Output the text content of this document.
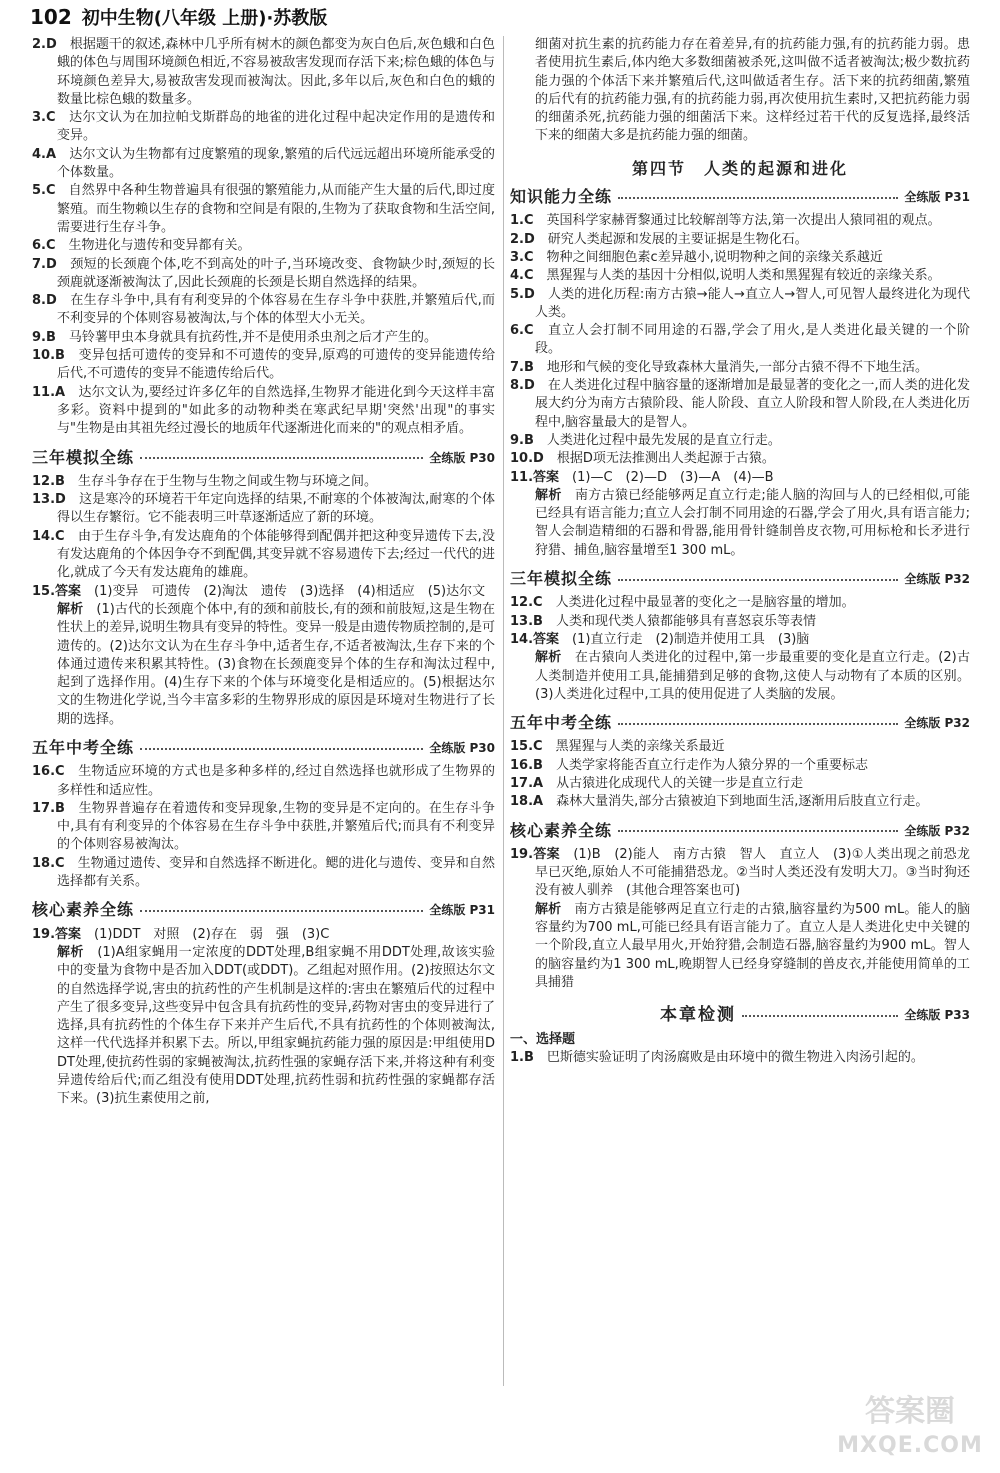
102 初中生物(八年级 上册)·苏教版

2.D　 根据题干的叙述,森林中几乎所有树木的颜色都变为灰白色后,灰色蛾和白色蛾的体色与周围环境颜色相近,不容易被敌害发现而存活下来;棕色蛾的体色与环境颜色差异大,易被敌害发现而被淘汰。因此,多年以后,灰色和白色的蛾的数量比棕色蛾的数量多。

3.C　 达尔文认为在加拉帕戈斯群岛的地雀的进化过程中起决定作用的是遗传和变异。

4.A　 达尔文认为生物都有过度繁殖的现象,繁殖的后代远远超出环境所能承受的个体数量。

5.C　 自然界中各种生物普遍具有很强的繁殖能力,从而能产生大量的后代,即过度繁殖。而生物赖以生存的食物和空间是有限的,生物为了获取食物和生活空间,需要进行生存斗争。

6.C　 生物进化与遗传和变异都有关。

7.D　 颈短的长颈鹿个体,吃不到高处的叶子,当环境改变、食物缺少时,颈短的长颈鹿就逐渐被淘汰了,因此长颈鹿的长颈是长期自然选择的结果。

8.D　 在生存斗争中,具有有利变异的个体容易在生存斗争中获胜,并繁殖后代,而不利变异的个体则容易被淘汰,与个体的体型大小无关。

9.B　 马铃薯甲虫本身就具有抗药性,并不是使用杀虫剂之后才产生的。

10.B　 变异包括可遗传的变异和不可遗传的变异,原鸡的可遗传的变异能遗传给后代,不可遗传的变异不能遗传给后代。

11.A　 达尔文认为,要经过许多亿年的自然选择,生物界才能进化到今天这样丰富多彩。资料中提到的"如此多的动物种类在寒武纪早期'突然'出现"的事实与"生物是由其祖先经过漫长的地质年代逐渐进化而来的"的观点相矛盾。

三年模拟全练	全练版 P30

12.B　 生存斗争存在于生物与生物之间或生物与环境之间。

13.D　 这是寒冷的环境若干年定向选择的结果,不耐寒的个体被淘汰,耐寒的个体得以生存繁衍。它不能表明三叶草逐渐适应了新的环境。

14.C　 由于生存斗争,有发达鹿角的个体能够得到配偶并把这种变异遗传下去,没有发达鹿角的个体因争夺不到配偶,其变异就不容易遗传下去;经过一代代的进化,就成了今天有发达鹿角的雄鹿。

15.答案　 (1)变异　可遗传　(2)淘汰　遗传　(3)选择　(4)相适应　(5)达尔文

解析　 (1)古代的长颈鹿个体中,有的颈和前肢长,有的颈和前肢短,这是生物在性状上的差异,说明生物具有变异的特性。变异一般是由遗传物质控制的,是可遗传的。(2)达尔文认为在生存斗争中,适者生存,不适者被淘汰,生存下来的个体通过遗传来积累其特性。(3)食物在长颈鹿变异个体的生存和淘汰过程中,起到了选择作用。(4)生存下来的个体与环境变化是相适应的。(5)根据达尔文的生物进化学说,当今丰富多彩的生物界形成的原因是环境对生物进行了长期的选择。

五年中考全练	全练版 P30

16.C　 生物适应环境的方式也是多种多样的,经过自然选择也就形成了生物界的多样性和适应性。

17.B　 生物界普遍存在着遗传和变异现象,生物的变异是不定向的。在生存斗争中,具有有利变异的个体容易在生存斗争中获胜,并繁殖后代;而具有不利变异的个体则容易被淘汰。

18.C　 生物通过遗传、变异和自然选择不断进化。鳃的进化与遗传、变异和自然选择都有关系。

核心素养全练	全练版 P31

19.答案　 (1)DDT　对照　(2)存在　弱　强　(3)C

解析　 (1)A组家蝇用一定浓度的DDT处理,B组家蝇不用DDT处理,故该实验中的变量为食物中是否加入DDT(或DDT)。乙组起对照作用。(2)按照达尔文的自然选择学说,害虫的抗药性的产生机制是这样的:害虫在繁殖后代的过程中产生了很多变异,这些变异中包含具有抗药性的变异,药物对害虫的变异进行了选择,具有抗药性的个体生存下来并产生后代,不具有抗药性的个体则被淘汰,这样一代代选择并积累下去。所以,甲组家蝇抗药能力强的原因是:甲组使用DDT处理,使抗药性弱的家蝇被淘汰,抗药性强的家蝇存活下来,并将这种有利变异遗传给后代;而乙组没有使用DDT处理,抗药性弱和抗药性强的家蝇都存活下来。(3)抗生素使用之前,

细菌对抗生素的抗药能力存在着差异,有的抗药能力强,有的抗药能力弱。患者使用抗生素后,体内绝大多数细菌被杀死,这叫做不适者被淘汰;极少数抗药能力强的个体活下来并繁殖后代,这叫做适者生存。活下来的抗药细菌,繁殖的后代有的抗药能力强,有的抗药能力弱,再次使用抗生素时,又把抗药能力弱的细菌杀死,抗药能力强的细菌活下来。这样经过若干代的反复选择,最终活下来的细菌大多是抗药能力强的细菌。

第四节　人类的起源和进化
知识能力全练	全练版 P31

1.C　 英国科学家赫胥黎通过比较解剖等方法,第一次提出人猿同祖的观点。

2.D　 研究人类起源和发展的主要证据是生物化石。

3.C　 物种之间细胞色素c差异越小,说明物种之间的亲缘关系越近

4.C　 黑猩猩与人类的基因十分相似,说明人类和黑猩猩有较近的亲缘关系。

5.D　 人类的进化历程:南方古猿→能人→直立人→智人,可见智人最终进化为现代人类。

6.C　 直立人会打制不同用途的石器,学会了用火,是人类进化最关键的一个阶段。

7.B　 地形和气候的变化导致森林大量消失,一部分古猿不得不下地生活。

8.D　 在人类进化过程中脑容量的逐渐增加是最显著的变化之一,而人类的进化发展大约分为南方古猿阶段、能人阶段、直立人阶段和智人阶段,在人类进化历程中,脑容量最大的是智人。

9.B　 人类进化过程中最先发展的是直立行走。

10.D　 根据D项无法推测出人类起源于古猿。

11.答案　 (1)—C　(2)—D　(3)—A　(4)—B

解析　 南方古猿已经能够两足直立行走;能人脑的沟回与人的已经相似,可能已经具有语言能力;直立人会打制不同用途的石器,学会了用火,具有语言能力;智人会制造精细的石器和骨器,能用骨针缝制兽皮衣物,可用标枪和长矛进行狩猎、捕鱼,脑容量增至1 300 mL。

三年模拟全练	全练版 P32

12.C　 人类进化过程中最显著的变化之一是脑容量的增加。

13.B　 人类和现代类人猿都能够具有喜怒哀乐等表情

14.答案　 (1)直立行走　(2)制造并使用工具　(3)脑

解析　 在古猿向人类进化的过程中,第一步最重要的变化是直立行走。(2)古人类制造并使用工具,能捕猎到足够的食物,这使人与动物有了本质的区别。(3)人类进化过程中,工具的使用促进了人类脑的发展。

五年中考全练	全练版 P32

15.C　 黑猩猩与人类的亲缘关系最近

16.B　 人类学家将能否直立行走作为人猿分界的一个重要标志

17.A　 从古猿进化成现代人的关键一步是直立行走

18.A　 森林大量消失,部分古猿被迫下到地面生活,逐渐用后肢直立行走。

核心素养全练	全练版 P32

19.答案　 (1)B　(2)能人　南方古猿　智人　直立人　(3)①人类出现之前恐龙早已灭绝,原始人不可能捕猎恐龙。②当时人类还没有发明大刀。③当时狗还没有被人驯养　(其他合理答案也可)

解析　 南方古猿是能够两足直立行走的古猿,脑容量约为500 mL。能人的脑容量约为700 mL,可能已经具有语言能力了。直立人是人类进化史中关键的一个阶段,直立人最早用火,开始狩猎,会制造石器,脑容量约为900 mL。智人的脑容量约为1 300 mL,晚期智人已经身穿缝制的兽皮衣,并能使用简单的工具捕猎

本章检测	全练版 P33
一、选择题

1.B　 巴斯德实验证明了肉汤腐败是由环境中的微生物进入肉汤引起的。

答案圈
MXQE.COM
